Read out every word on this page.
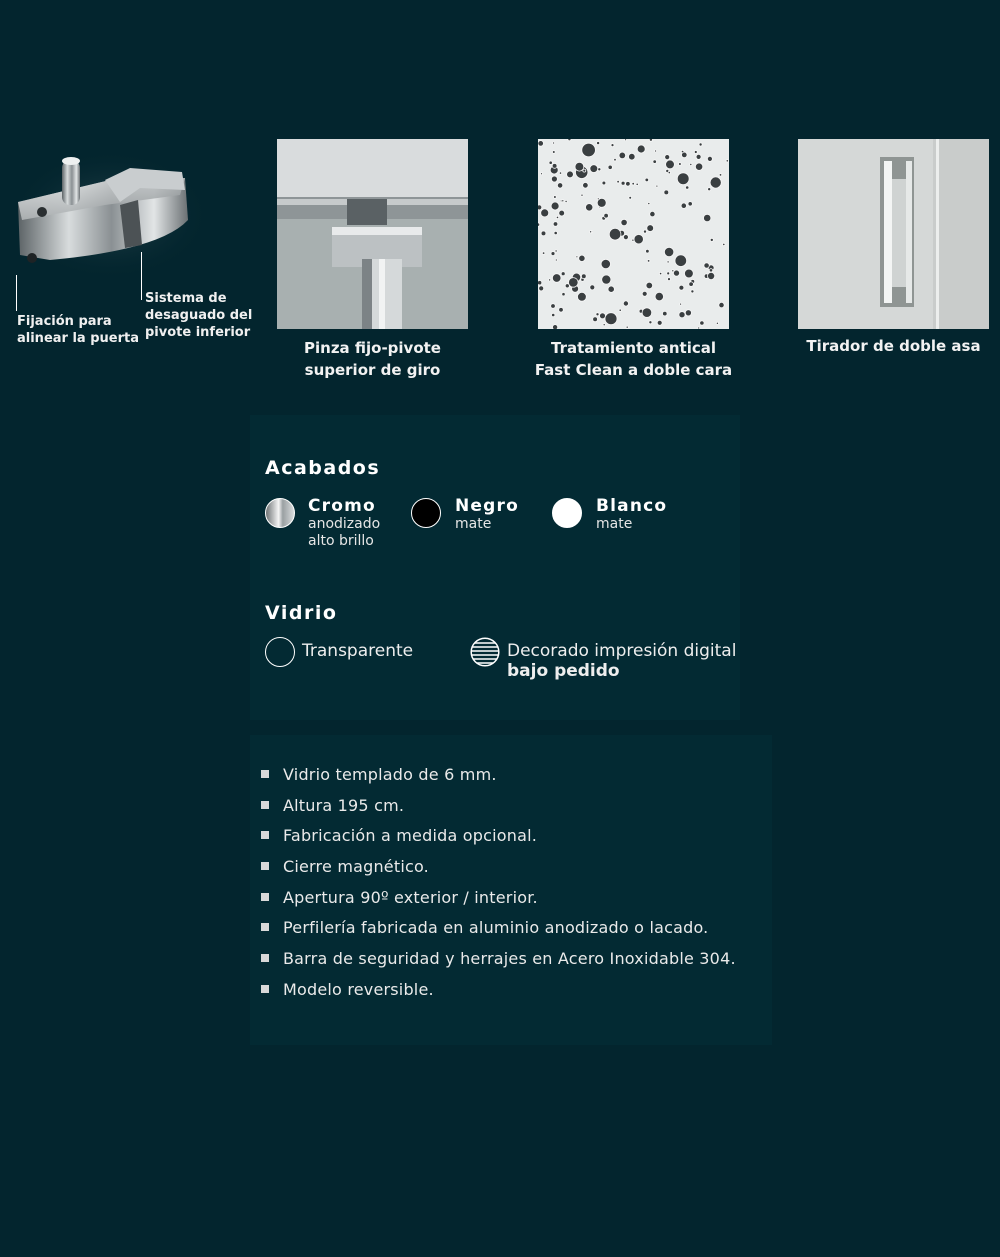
Fijación para
alinear la puerta
Sistema de
desaguado del
pivote inferior
Pinza fijo-pivote
superior de giro
Tratamiento antical
Fast Clean a doble cara
Tirador de doble asa
Acabados
Cromo
anodizado
alto brillo
Negro
mate
Blanco
mate
Vidrio
Transparente	Decorado impresión digital
bajo pedido
Vidrio templado de 6 mm.
Altura 195 cm.
Fabricación a medida opcional.
Cierre magnético.
Apertura 90º exterior / interior.
Perfilería fabricada en aluminio anodizado o lacado.
Barra de seguridad y herrajes en Acero Inoxidable 304.
Modelo reversible.
